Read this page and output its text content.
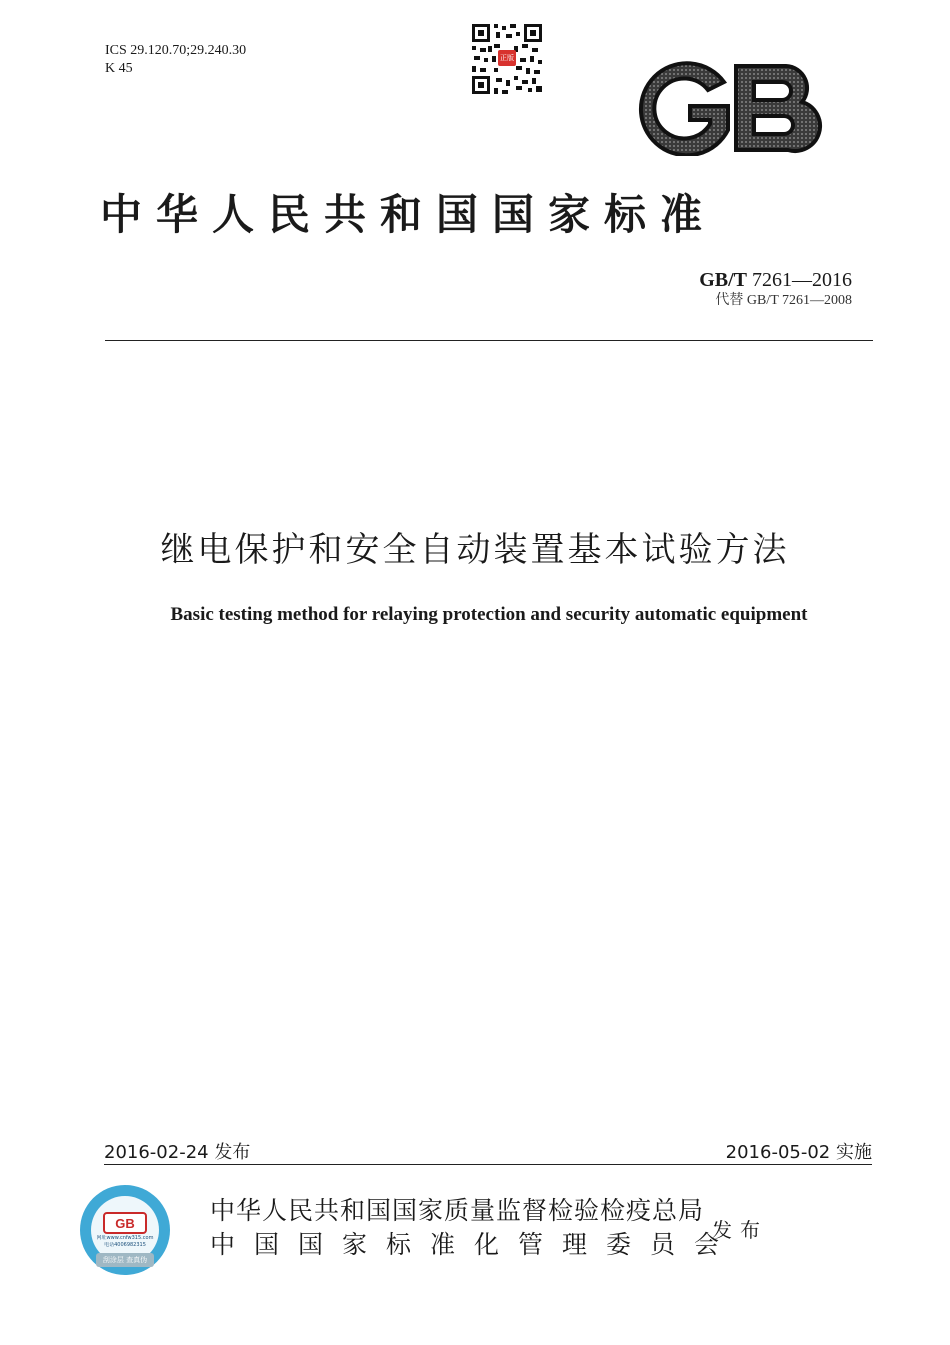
ICS 29.120.70;29.240.30
K 45
正版
中华人民共和国国家标准
GB/T 7261—2016
代替 GB/T 7261—2008
继电保护和安全自动装置基本试验方法
Basic testing method for relaying protection and security automatic equipment
2016-02-24 发布	2016-05-02 实施
GB
网址www.cnfw315.com
电话4006982315
刮涂层 查真伪
中华人民共和国国家质量监督检验检疫总局
中国国家标准化管理委员会
发布
